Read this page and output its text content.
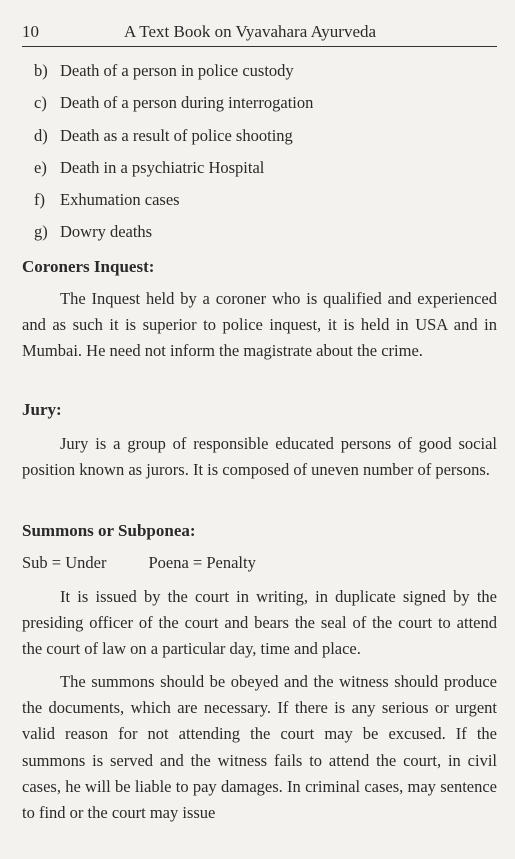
10	A Text Book on Vyavahara Ayurveda
b) Death of a person in police custody
c) Death of a person during interrogation
d) Death as a result of police shooting
e) Death in a psychiatric Hospital
f) Exhumation cases
g) Dowry deaths
Coroners Inquest:
The Inquest held by a coroner who is qualified and experienced and as such it is superior to police inquest, it is held in USA and in Mumbai. He need not inform the magistrate about the crime.
Jury:
Jury is a group of responsible educated persons of good social position known as jurors. It is composed of uneven number of persons.
Summons or Subponea:
Sub = Under	Poena = Penalty
It is issued by the court in writing, in duplicate signed by the presiding officer of the court and bears the seal of the court to attend the court of law on a particular day, time and place.
The summons should be obeyed and the witness should produce the documents, which are necessary. If there is any serious or urgent valid reason for not attending the court may be excused. If the summons is served and the witness fails to attend the court, in civil cases, he will be liable to pay damages. In criminal cases, may sentence to find or the court may issue
